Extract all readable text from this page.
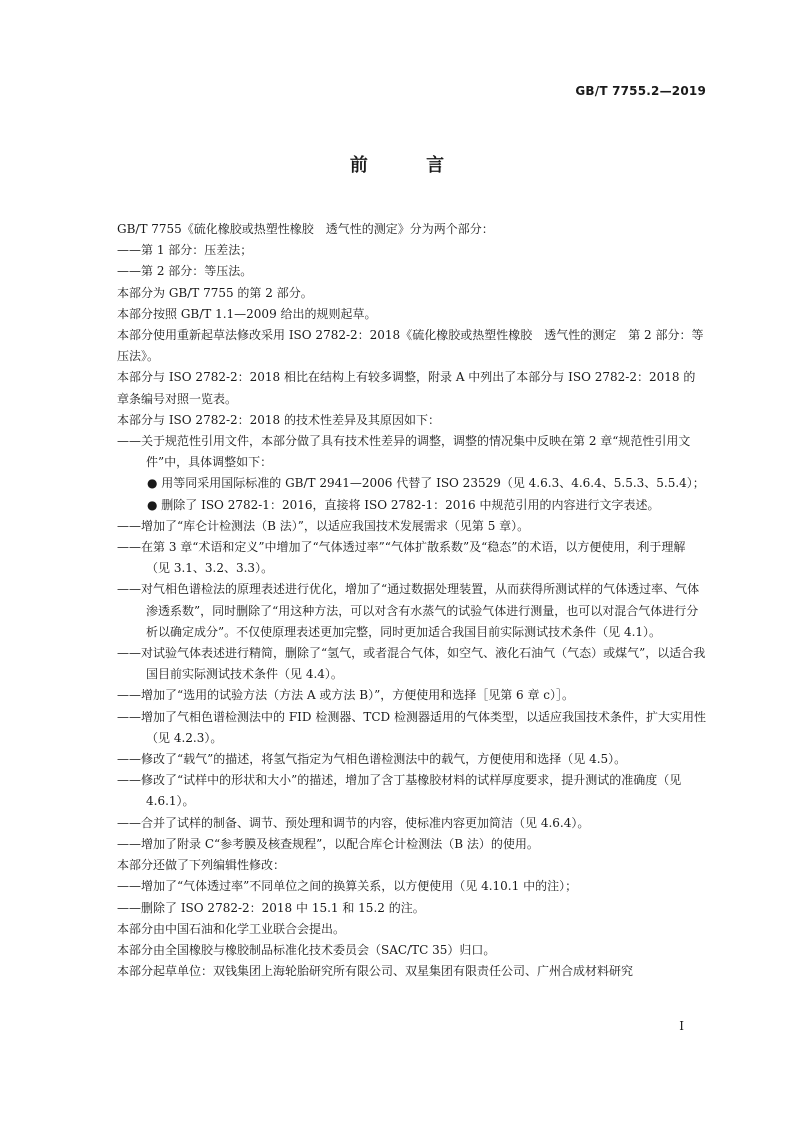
GB/T 7755.2—2019
前 言

GB/T 7755《硫化橡胶或热塑性橡胶　透气性的测定》分为两个部分：

——第 1 部分：压差法；

——第 2 部分：等压法。

本部分为 GB/T 7755 的第 2 部分。

本部分按照 GB/T 1.1—2009 给出的规则起草。

本部分使用重新起草法修改采用 ISO 2782-2：2018《硫化橡胶或热塑性橡胶　透气性的测定　第 2 部分：等压法》。

本部分与 ISO 2782-2：2018 相比在结构上有较多调整，附录 A 中列出了本部分与 ISO 2782-2：2018 的章条编号对照一览表。

本部分与 ISO 2782-2：2018 的技术性差异及其原因如下：

——关于规范性引用文件，本部分做了具有技术性差异的调整，调整的情况集中反映在第 2 章“规范性引用文件”中，具体调整如下：

● 用等同采用国际标准的 GB/T 2941—2006 代替了 ISO 23529（见 4.6.3、4.6.4、5.5.3、5.5.4）；

● 删除了 ISO 2782-1：2016，直接将 ISO 2782-1：2016 中规范引用的内容进行文字表述。

——增加了“库仑计检测法（B 法）”，以适应我国技术发展需求（见第 5 章）。

——在第 3 章“术语和定义”中增加了“气体透过率”“气体扩散系数”及“稳态”的术语，以方便使用，利于理解（见 3.1、3.2、3.3）。

——对气相色谱检法的原理表述进行优化，增加了“通过数据处理装置，从而获得所测试样的气体透过率、气体渗透系数”，同时删除了“用这种方法，可以对含有水蒸气的试验气体进行测量，也可以对混合气体进行分析以确定成分”。不仅使原理表述更加完整，同时更加适合我国目前实际测试技术条件（见 4.1）。

——对试验气体表述进行精简，删除了“氢气，或者混合气体，如空气、液化石油气（气态）或煤气”，以适合我国目前实际测试技术条件（见 4.4）。

——增加了“选用的试验方法（方法 A 或方法 B）”，方便使用和选择［见第 6 章 c）］。

——增加了气相色谱检测法中的 FID 检测器、TCD 检测器适用的气体类型，以适应我国技术条件，扩大实用性（见 4.2.3）。

——修改了“载气”的描述，将氢气指定为气相色谱检测法中的载气，方便使用和选择（见 4.5）。

——修改了“试样中的形状和大小”的描述，增加了含丁基橡胶材料的试样厚度要求，提升测试的准确度（见 4.6.1）。

——合并了试样的制备、调节、预处理和调节的内容，使标准内容更加简洁（见 4.6.4）。

——增加了附录 C“参考膜及核查规程”，以配合库仑计检测法（B 法）的使用。

本部分还做了下列编辑性修改：

——增加了“气体透过率”不同单位之间的换算关系，以方便使用（见 4.10.1 中的注）；

——删除了 ISO 2782-2：2018 中 15.1 和 15.2 的注。

本部分由中国石油和化学工业联合会提出。

本部分由全国橡胶与橡胶制品标准化技术委员会（SAC/TC 35）归口。

本部分起草单位：双钱集团上海轮胎研究所有限公司、双星集团有限责任公司、广州合成材料研究

I
